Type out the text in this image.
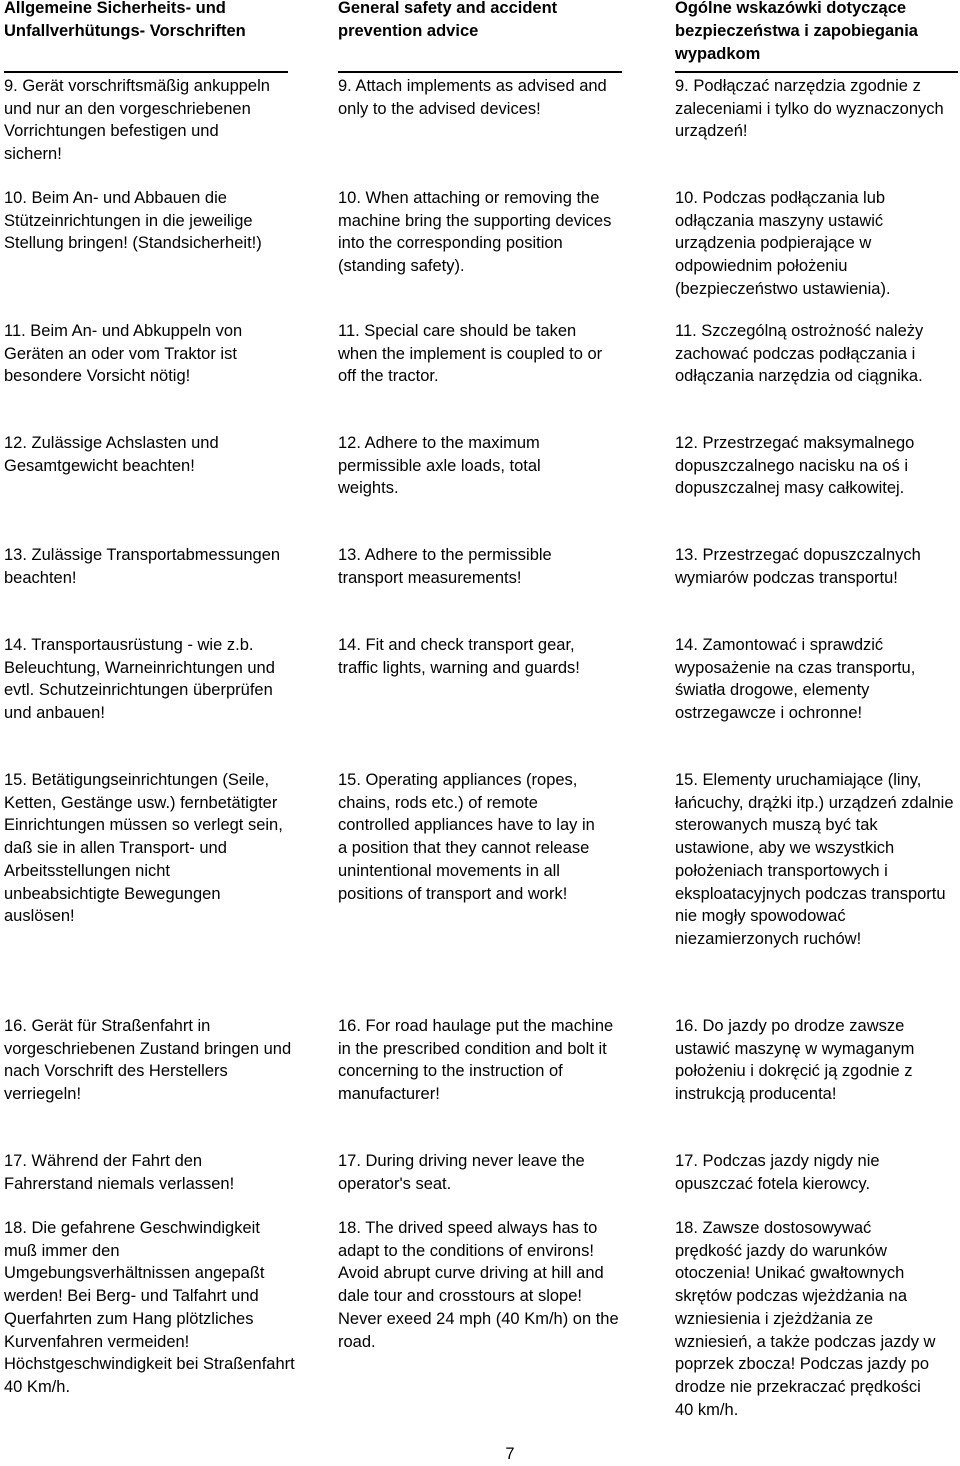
Allgemeine Sicherheits- und Unfallverhütungs- Vorschriften

9. Gerät vorschriftsmäßig ankuppeln und nur an den vorgeschriebenen Vorrichtungen befestigen und sichern!

10. Beim An- und Abbauen die Stützeinrichtungen in die jeweilige Stellung bringen! (Standsicherheit!)

11. Beim An- und Abkuppeln von Geräten an oder vom Traktor ist besondere Vorsicht nötig!

12. Zulässige Achslasten und Gesamtgewicht beachten!

13. Zulässige Transportabmessungen beachten!

14. Transportausrüstung - wie z.b. Beleuchtung, Warneinrichtungen und evtl. Schutzeinrichtungen überprüfen und anbauen!

15. Betätigungseinrichtungen (Seile, Ketten, Gestänge usw.) fernbetätigter Einrichtungen müssen so verlegt sein, daß sie in allen Transport- und Arbeitsstellungen nicht unbeabsichtigte Bewegungen auslösen!

16. Gerät für Straßenfahrt in vorgeschriebenen Zustand bringen und nach Vorschrift des Herstellers verriegeln!

17. Während der Fahrt den Fahrerstand niemals verlassen!

18. Die gefahrene Geschwindigkeit muß immer den Umgebungsverhältnissen angepaßt werden! Bei Berg- und Talfahrt und Querfahrten zum Hang plötzliches Kurvenfahren vermeiden! Höchstgeschwindigkeit bei Straßenfahrt 40 Km/h.

General safety and accident prevention advice

9. Attach implements as advised and only to the advised devices!

10. When attaching or removing the machine bring the supporting devices into the corresponding position (standing safety).

11. Special care should be taken when the implement is coupled to or off the tractor.

12. Adhere to the maximum permissible axle loads, total weights.

13. Adhere to the permissible transport measurements!

14. Fit and check transport gear, traffic lights, warning and guards!

15. Operating appliances (ropes, chains, rods etc.) of remote controlled appliances have to lay in a position that they cannot release unintentional movements in all positions of transport and work!

16. For road haulage put the machine in the prescribed condition and bolt it concerning to the instruction of manufacturer!

17. During driving never leave the operator's seat.

18. The drived speed always has to adapt to the conditions of environs! Avoid abrupt curve driving at hill and dale tour and crosstours at slope! Never exeed 24 mph (40 Km/h) on the road.

Ogólne wskazówki dotyczące bezpieczeństwa i zapobiegania wypadkom

9. Podłączać narzędzia zgodnie z zaleceniami i tylko do wyznaczonych urządzeń!

10. Podczas podłączania lub odłączania maszyny ustawić urządzenia podpierające w odpowiednim położeniu (bezpieczeństwo ustawienia).

11. Szczególną ostrożność należy zachować podczas podłączania i odłączania narzędzia od ciągnika.

12. Przestrzegać maksymalnego dopuszczalnego nacisku na oś i dopuszczalnej masy całkowitej.

13. Przestrzegać dopuszczalnych wymiarów podczas transportu!

14. Zamontować i sprawdzić wyposażenie na czas transportu, światła drogowe, elementy ostrzegawcze i ochronne!

15. Elementy uruchamiające (liny, łańcuchy, drążki itp.) urządzeń zdalnie sterowanych muszą być tak ustawione, aby we wszystkich położeniach transportowych i eksploatacyjnych podczas transportu nie mogły spowodować niezamierzonych ruchów!

16. Do jazdy po drodze zawsze ustawić maszynę w wymaganym położeniu i dokręcić ją zgodnie z instrukcją producenta!

17. Podczas jazdy nigdy nie opuszczać fotela kierowcy.

18. Zawsze dostosowywać prędkość jazdy do warunków otoczenia! Unikać gwałtownych skrętów podczas wjeżdżania na wzniesienia i zjeżdżania ze wzniesień, a także podczas jazdy w poprzek zbocza! Podczas jazdy po drodze nie przekraczać prędkości 40 km/h.

7
